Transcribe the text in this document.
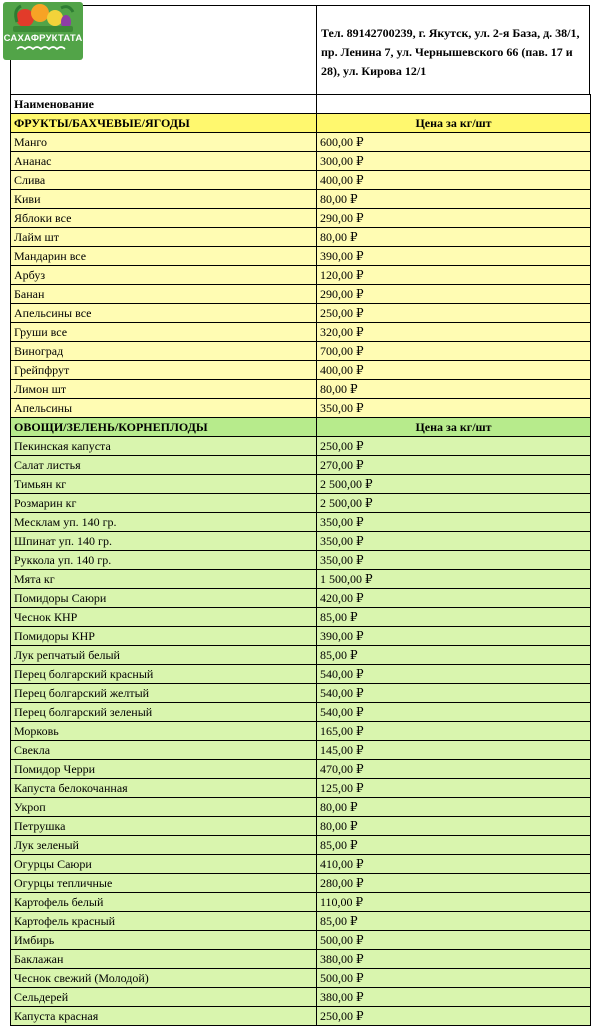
САХАФРУКТАТА	Тел. 89142700239, г. Якутск, ул. 2-я База, д. 38/1, пр. Ленина 7, ул. Чернышевского 66 (пав. 17 и 28), ул. Кирова 12/1
Наименование	
ФРУКТЫ/БАХЧЕВЫЕ/ЯГОДЫ	Цена за кг/шт
Манго	600,00 ₽
Ананас	300,00 ₽
Слива	400,00 ₽
Киви	80,00 ₽
Яблоки все	290,00 ₽
Лайм шт	80,00 ₽
Мандарин все	390,00 ₽
Арбуз	120,00 ₽
Банан	290,00 ₽
Апельсины все	250,00 ₽
Груши все	320,00 ₽
Виноград	700,00 ₽
Грейпфрут	400,00 ₽
Лимон шт	80,00 ₽
Апельсины	350,00 ₽
ОВОЩИ/ЗЕЛЕНЬ/КОРНЕПЛОДЫ	Цена за кг/шт
Пекинская капуста	250,00 ₽
Салат листья	270,00 ₽
Тимьян кг	2 500,00 ₽
Розмарин кг	2 500,00 ₽
Месклам уп. 140 гр.	350,00 ₽
Шпинат уп. 140 гр.	350,00 ₽
Руккола уп. 140 гр.	350,00 ₽
Мята кг	1 500,00 ₽
Помидоры Саюри	420,00 ₽
Чеснок КНР	85,00 ₽
Помидоры КНР	390,00 ₽
Лук репчатый белый	85,00 ₽
Перец болгарский красный	540,00 ₽
Перец болгарский желтый	540,00 ₽
Перец болгарский зеленый	540,00 ₽
Морковь	165,00 ₽
Свекла	145,00 ₽
Помидор Черри	470,00 ₽
Капуста белокочанная	125,00 ₽
Укроп	80,00 ₽
Петрушка	80,00 ₽
Лук зеленый	85,00 ₽
Огурцы Саюри	410,00 ₽
Огурцы тепличные	280,00 ₽
Картофель белый	110,00 ₽
Картофель красный	85,00 ₽
Имбирь	500,00 ₽
Баклажан	380,00 ₽
Чеснок свежий (Молодой)	500,00 ₽
Сельдерей	380,00 ₽
Капуста красная	250,00 ₽
